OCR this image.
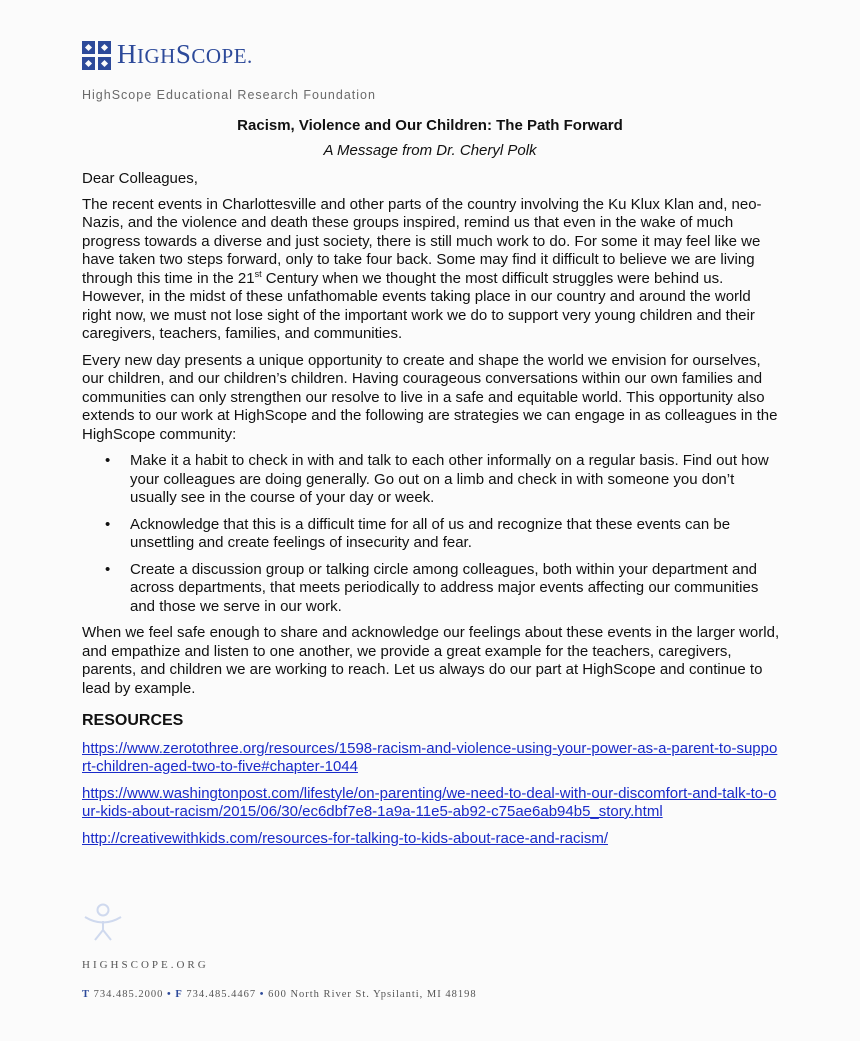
HIGHSCOPE.
HighScope Educational Research Foundation
Racism, Violence and Our Children: The Path Forward
A Message from Dr. Cheryl Polk

Dear Colleagues,

The recent events in Charlottesville and other parts of the country involving the Ku Klux Klan and, neo-Nazis, and the violence and death these groups inspired, remind us that even in the wake of much progress towards a diverse and just society, there is still much work to do. For some it may feel like we have taken two steps forward, only to take four back. Some may find it difficult to believe we are living through this time in the 21st Century when we thought the most difficult struggles were behind us. However, in the midst of these unfathomable events taking place in our country and around the world right now, we must not lose sight of the important work we do to support very young children and their caregivers, teachers, families, and communities.

Every new day presents a unique opportunity to create and shape the world we envision for ourselves, our children, and our children’s children. Having courageous conversations within our own families and communities can only strengthen our resolve to live in a safe and equitable world. This opportunity also extends to our work at HighScope and the following are strategies we can engage in as colleagues in the HighScope community:

• Make it a habit to check in with and talk to each other informally on a regular basis. Find out how your colleagues are doing generally. Go out on a limb and check in with someone you don’t usually see in the course of your day or week.
• Acknowledge that this is a difficult time for all of us and recognize that these events can be unsettling and create feelings of insecurity and fear.
• Create a discussion group or talking circle among colleagues, both within your department and across departments, that meets periodically to address major events affecting our communities and those we serve in our work.

When we feel safe enough to share and acknowledge our feelings about these events in the larger world, and empathize and listen to one another, we provide a great example for the teachers, caregivers, parents, and children we are working to reach. Let us always do our part at HighScope and continue to lead by example.

RESOURCES
https://www.zerotothree.org/resources/1598-racism-and-violence-using-your-power-as-a-parent-to-support-children-aged-two-to-five#chapter-1044
https://www.washingtonpost.com/lifestyle/on-parenting/we-need-to-deal-with-our-discomfort-and-talk-to-our-kids-about-racism/2015/06/30/ec6dbf7e8-1a9a-11e5-ab92-c75ae6ab94b5_story.html
http://creativewithkids.com/resources-for-talking-to-kids-about-race-and-racism/
HIGHSCOPE.ORG
T 734.485.2000 • F 734.485.4467 • 600 North River St. Ypsilanti, MI 48198
